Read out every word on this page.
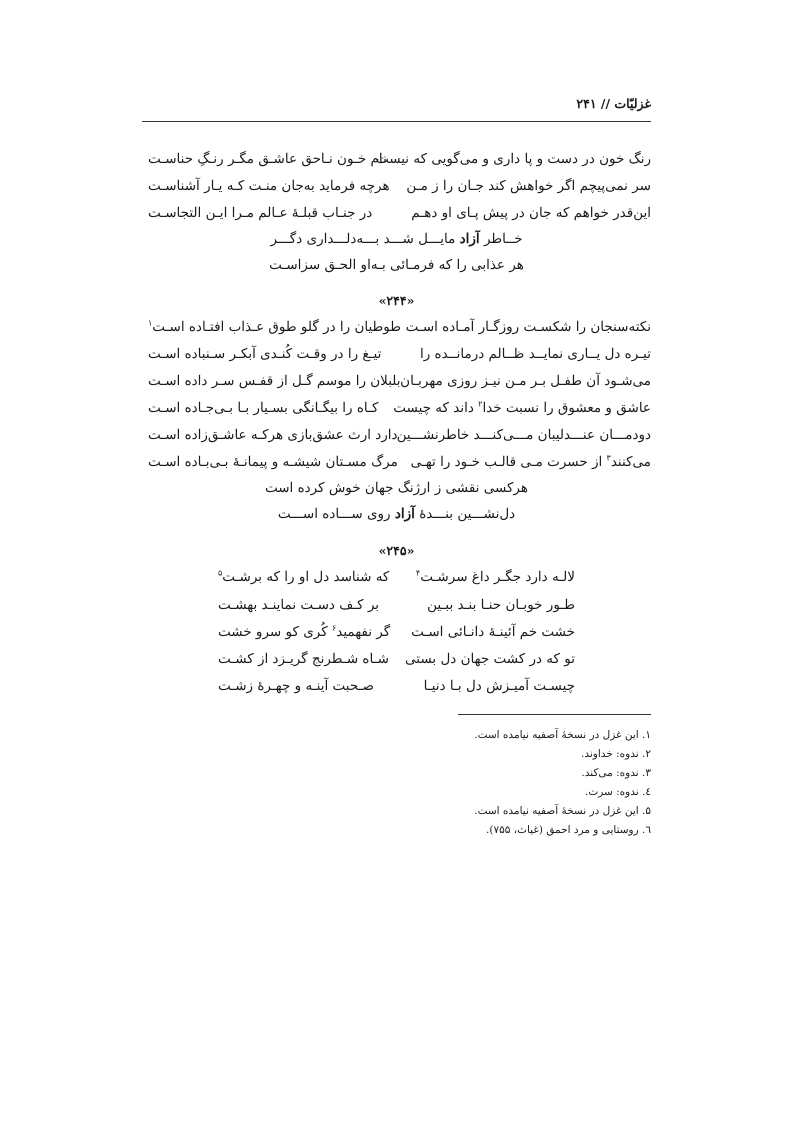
غزلیّات // ۲۴۱
رنگ خون در دست و پا داری و می‌گویی که نیست
نام خـون نـاحق عاشـق مگـر رنـگِ حناسـت
سر نمی‌پیچم اگر خواهش کند جـان را ز مـن
هرچه فرماید به‌جان منـت کـه یـار آشناسـت
این‌قدر خواهم که جان در پیش پـای او دهـم
در جنـاب قبلـهٔ عـالم مـرا ایـن التجاسـت
خــاطر آزاد مایـــل شـــد بـــه‌دلـــداری دگـــر
هر عذابی را که فرمـائی بـه‌او الحـق سزاسـت
«۲۴۴»
نکته‌سنجان را شکسـت روزگـار آمـاده اسـت
طوطیان را در گلو طوق عـذاب افتـاده اسـت$^۱$
تیـره دل یــاری نمایــد ظــالم درمانــده را
تیـغ را در وقـت کُنـدی آبکـر سـنباده اسـت
می‌شـود آن طفـل بـر مـن نیـز روزی مهربـان
بلبلان را موسم گـل از قفـس سـر داده اسـت
عاشق و معشوق را نسبت خدا$^۲$ داند که چیست
کـاه را بیگـانگی بسـیار بـا بـی‌جـاده اسـت
دودمـــان عنـــدلیبان مـــی‌کنـــد خاطرنشـــین
دارد ارث عشق‌بازی هرکـه عاشـق‌زاده اسـت
می‌کنند$^۳$ از حسرت مـی قالـب خـود را تهـی
مرگ مسـتان شیشـه و پیمانـهٔ بـی‌بـاده اسـت
هرکسی نقشی ز ارژنگ جهان خوش کرده است
دل‌نشـــین بنـــدهٔ آزاد روی ســـاده اســـت
«۲۴۵»
لالـه دارد جگـر داغ سرشـت$^۴$
که شناسد دل او را که برشـت$^۵$
طـور خوبـان حنـا بنـد ببـین
بر کـف دسـت نماینـد بهشـت
خشت خم آئینـهٔ دانـائی اسـت
گر نفهمید$^۶$ کُری کو سرو خشت
تو که در کشت جهان دل بستی
شـاه شـطرنج گریـزد از کشـت
چیسـت آمیـزش دل بـا دنیـا
صـحبت آینـه و چهـرهٔ زشـت
۱. این غزل در نسخهٔ آصفیه نیامده است.
۲. ندوه: خداوند.
۳. ندوه: می‌کند.
٤. ندوه: سرت.
۵. این غزل در نسخهٔ آصفیه نیامده است.
٦. روستایی و مرد احمق (غیاث، ۷۵۵).
